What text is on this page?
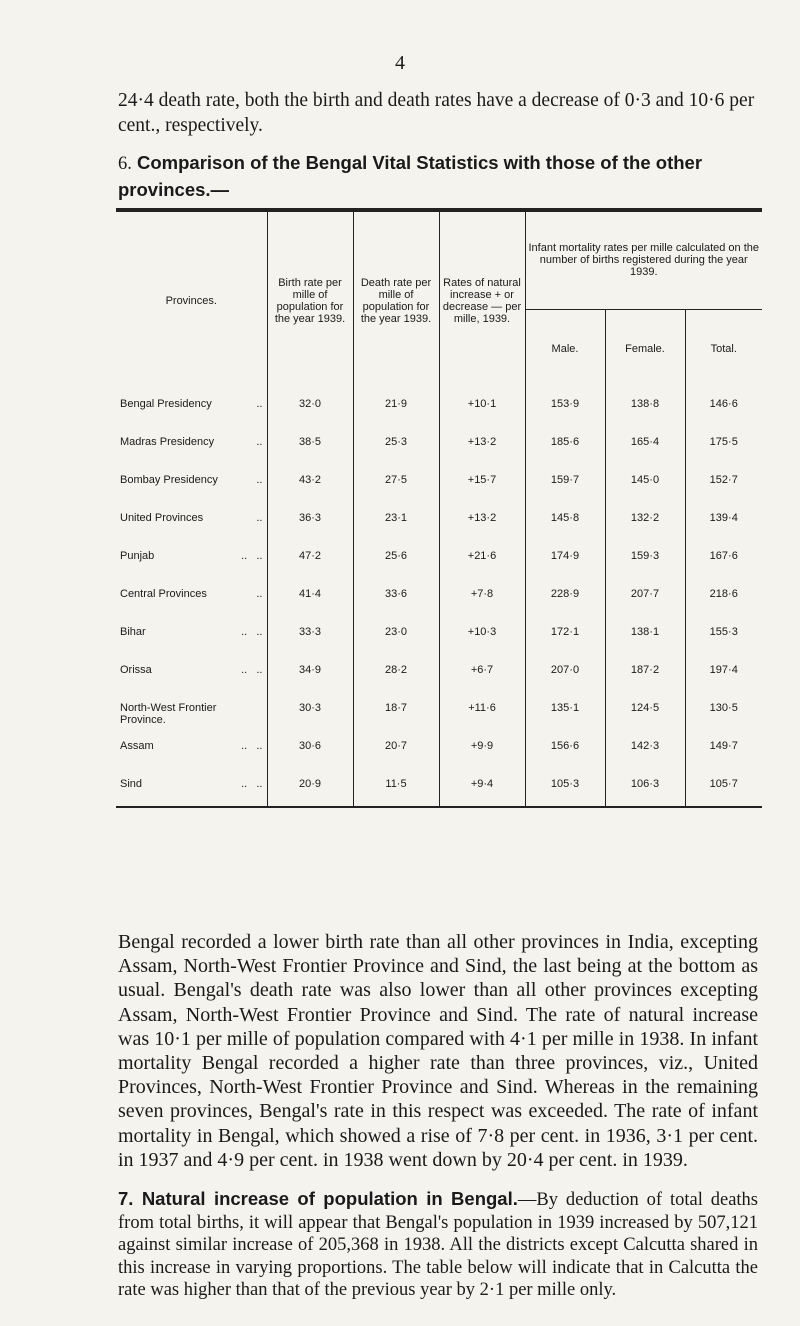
4
24·4 death rate, both the birth and death rates have a decrease of 0·3 and 10·6 per cent., respectively.
6. Comparison of the Bengal Vital Statistics with those of the other provinces.—
Provinces.	Birth rate per mille of population for the year 1939.	Death rate per mille of population for the year 1939.	Rates of natural increase + or decrease — per mille, 1939.	Infant mortality rates per mille calculated on the number of births registered during the year 1939.		
				Male.	Female.	Total.
Bengal Presidency ..	32·0	21·9	+10·1	153·9	138·8	146·6
Madras Presidency ..	38·5	25·3	+13·2	185·6	165·4	175·5
Bombay Presidency ..	43·2	27·5	+15·7	159·7	145·0	152·7
United Provinces ..	36·3	23·1	+13·2	145·8	132·2	139·4
Punjab ..   ..	47·2	25·6	+21·6	174·9	159·3	167·6
Central Provinces ..	41·4	33·6	+7·8	228·9	207·7	218·6
Bihar ..   ..	33·3	23·0	+10·3	172·1	138·1	155·3
Orissa ..   ..	34·9	28·2	+6·7	207·0	187·2	197·4
North-West Frontier Province.	30·3	18·7	+11·6	135·1	124·5	130·5
Assam ..   ..	30·6	20·7	+9·9	156·6	142·3	149·7
Sind ..   ..	20·9	11·5	+9·4	105·3	106·3	105·7
Bengal recorded a lower birth rate than all other provinces in India, excepting Assam, North-West Frontier Province and Sind, the last being at the bottom as usual. Bengal's death rate was also lower than all other provinces excepting Assam, North-West Frontier Province and Sind. The rate of natural increase was 10·1 per mille of population compared with 4·1 per mille in 1938. In infant mortality Bengal recorded a higher rate than three provinces, viz., United Provinces, North-West Frontier Province and Sind. Whereas in the remaining seven provinces, Bengal's rate in this respect was exceeded. The rate of infant mortality in Bengal, which showed a rise of 7·8 per cent. in 1936, 3·1 per cent. in 1937 and 4·9 per cent. in 1938 went down by 20·4 per cent. in 1939.
7. Natural increase of population in Bengal.—By deduction of total deaths from total births, it will appear that Bengal's population in 1939 increased by 507,121 against similar increase of 205,368 in 1938. All the districts except Calcutta shared in this increase in varying proportions. The table below will indicate that in Calcutta the rate was higher than that of the previous year by 2·1 per mille only.
